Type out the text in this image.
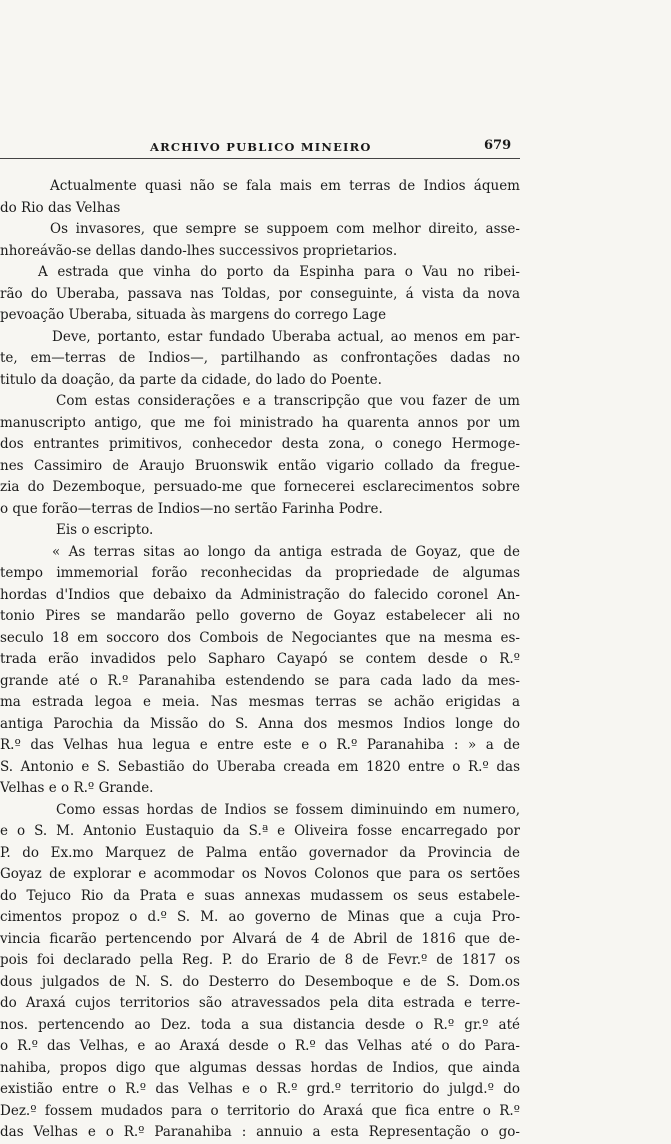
ARCHIVO PUBLICO MINEIRO	679
Actualmente quasi não se fala mais em terras de Indios áquem
do Rio das Velhas
Os invasores, que sempre se suppoem com melhor direito, asse-
nhoreávão-se dellas dando-lhes successivos proprietarios.
A estrada que vinha do porto da Espinha para o Vau no ribei-
rão do Uberaba, passava nas Toldas, por conseguinte, á vista da nova
pevoação Uberaba, situada às margens do corrego Lage
Deve, portanto, estar fundado Uberaba actual, ao menos em par-
te, em—terras de Indios—, partilhando as confrontações dadas no
titulo da doação, da parte da cidade, do lado do Poente.
Com estas considerações e a transcripção que vou fazer de um
manuscripto antigo, que me foi ministrado ha quarenta annos por um
dos entrantes primitivos, conhecedor desta zona, o conego Hermoge-
nes Cassimiro de Araujo Bruonswik então vigario collado da fregue-
zia do Dezemboque, persuado-me que fornecerei esclarecimentos sobre
o que forão—terras de Indios—no sertão Farinha Podre.
Eis o escripto.
« As terras sitas ao longo da antiga estrada de Goyaz, que de
tempo immemorial forão reconhecidas da propriedade de algumas
hordas d'Indios que debaixo da Administração do falecido coronel An-
tonio Pires se mandarão pello governo de Goyaz estabelecer ali no
seculo 18 em soccoro dos Combois de Negociantes que na mesma es-
trada erão invadidos pelo Sapharo Cayapó se contem desde o R.º
grande até o R.º Paranahiba estendendo se para cada lado da mes-
ma estrada legoa e meia. Nas mesmas terras se achão erigidas a
antiga Parochia da Missão do S. Anna dos mesmos Indios longe do
R.º das Velhas hua legua e entre este e o R.º Paranahiba : » a de
S. Antonio e S. Sebastião do Uberaba creada em 1820 entre o R.º das
Velhas e o R.º Grande.
Como essas hordas de Indios se fossem diminuindo em numero,
e o S. M. Antonio Eustaquio da S.ª e Oliveira fosse encarregado por
P. do Ex.mo Marquez de Palma então governador da Provincia de
Goyaz de explorar e acommodar os Novos Colonos que para os sertões
do Tejuco Rio da Prata e suas annexas mudassem os seus estabele-
cimentos propoz o d.º S. M. ao governo de Minas que a cuja Pro-
vincia ficarão pertencendo por Alvará de 4 de Abril de 1816 que de-
pois foi declarado pella Reg. P. do Erario de 8 de Fevr.º de 1817 os
dous julgados de N. S. do Desterro do Desemboque e de S. Dom.os
do Araxá cujos territorios são atravessados pela dita estrada e terre-
nos. pertencendo ao Dez. toda a sua distancia desde o R.º gr.º até
o R.º das Velhas, e ao Araxá desde o R.º das Velhas até o do Para-
nahiba, propos digo que algumas dessas hordas de Indios, que ainda
existião entre o R.º das Velhas e o R.º grd.º territorio do julgd.º do
Dez.º fossem mudados para o territorio do Araxá que fica entre o R.º
das Velhas e o R.º Paranahiba : annuio a esta Representação o go-
